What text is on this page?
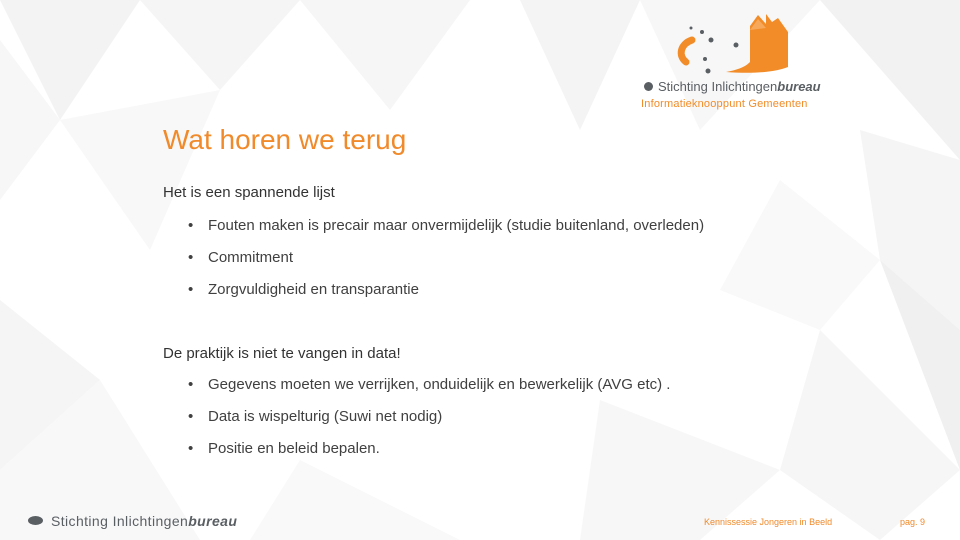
Stichting Inlichtingenbureau
Informatieknooppunt Gemeenten
Wat horen we terug
Het is een spannende lijst
• Fouten maken is precair maar onvermijdelijk (studie buitenland, overleden)
• Commitment
• Zorgvuldigheid en transparantie
De praktijk is niet te vangen in data!
• Gegevens moeten we verrijken, onduidelijk en bewerkelijk (AVG etc) .
• Data is wispelturig (Suwi net nodig)
• Positie en beleid bepalen.
Stichting Inlichtingenbureau	Kennissessie Jongeren in Beeld	pag. 9
